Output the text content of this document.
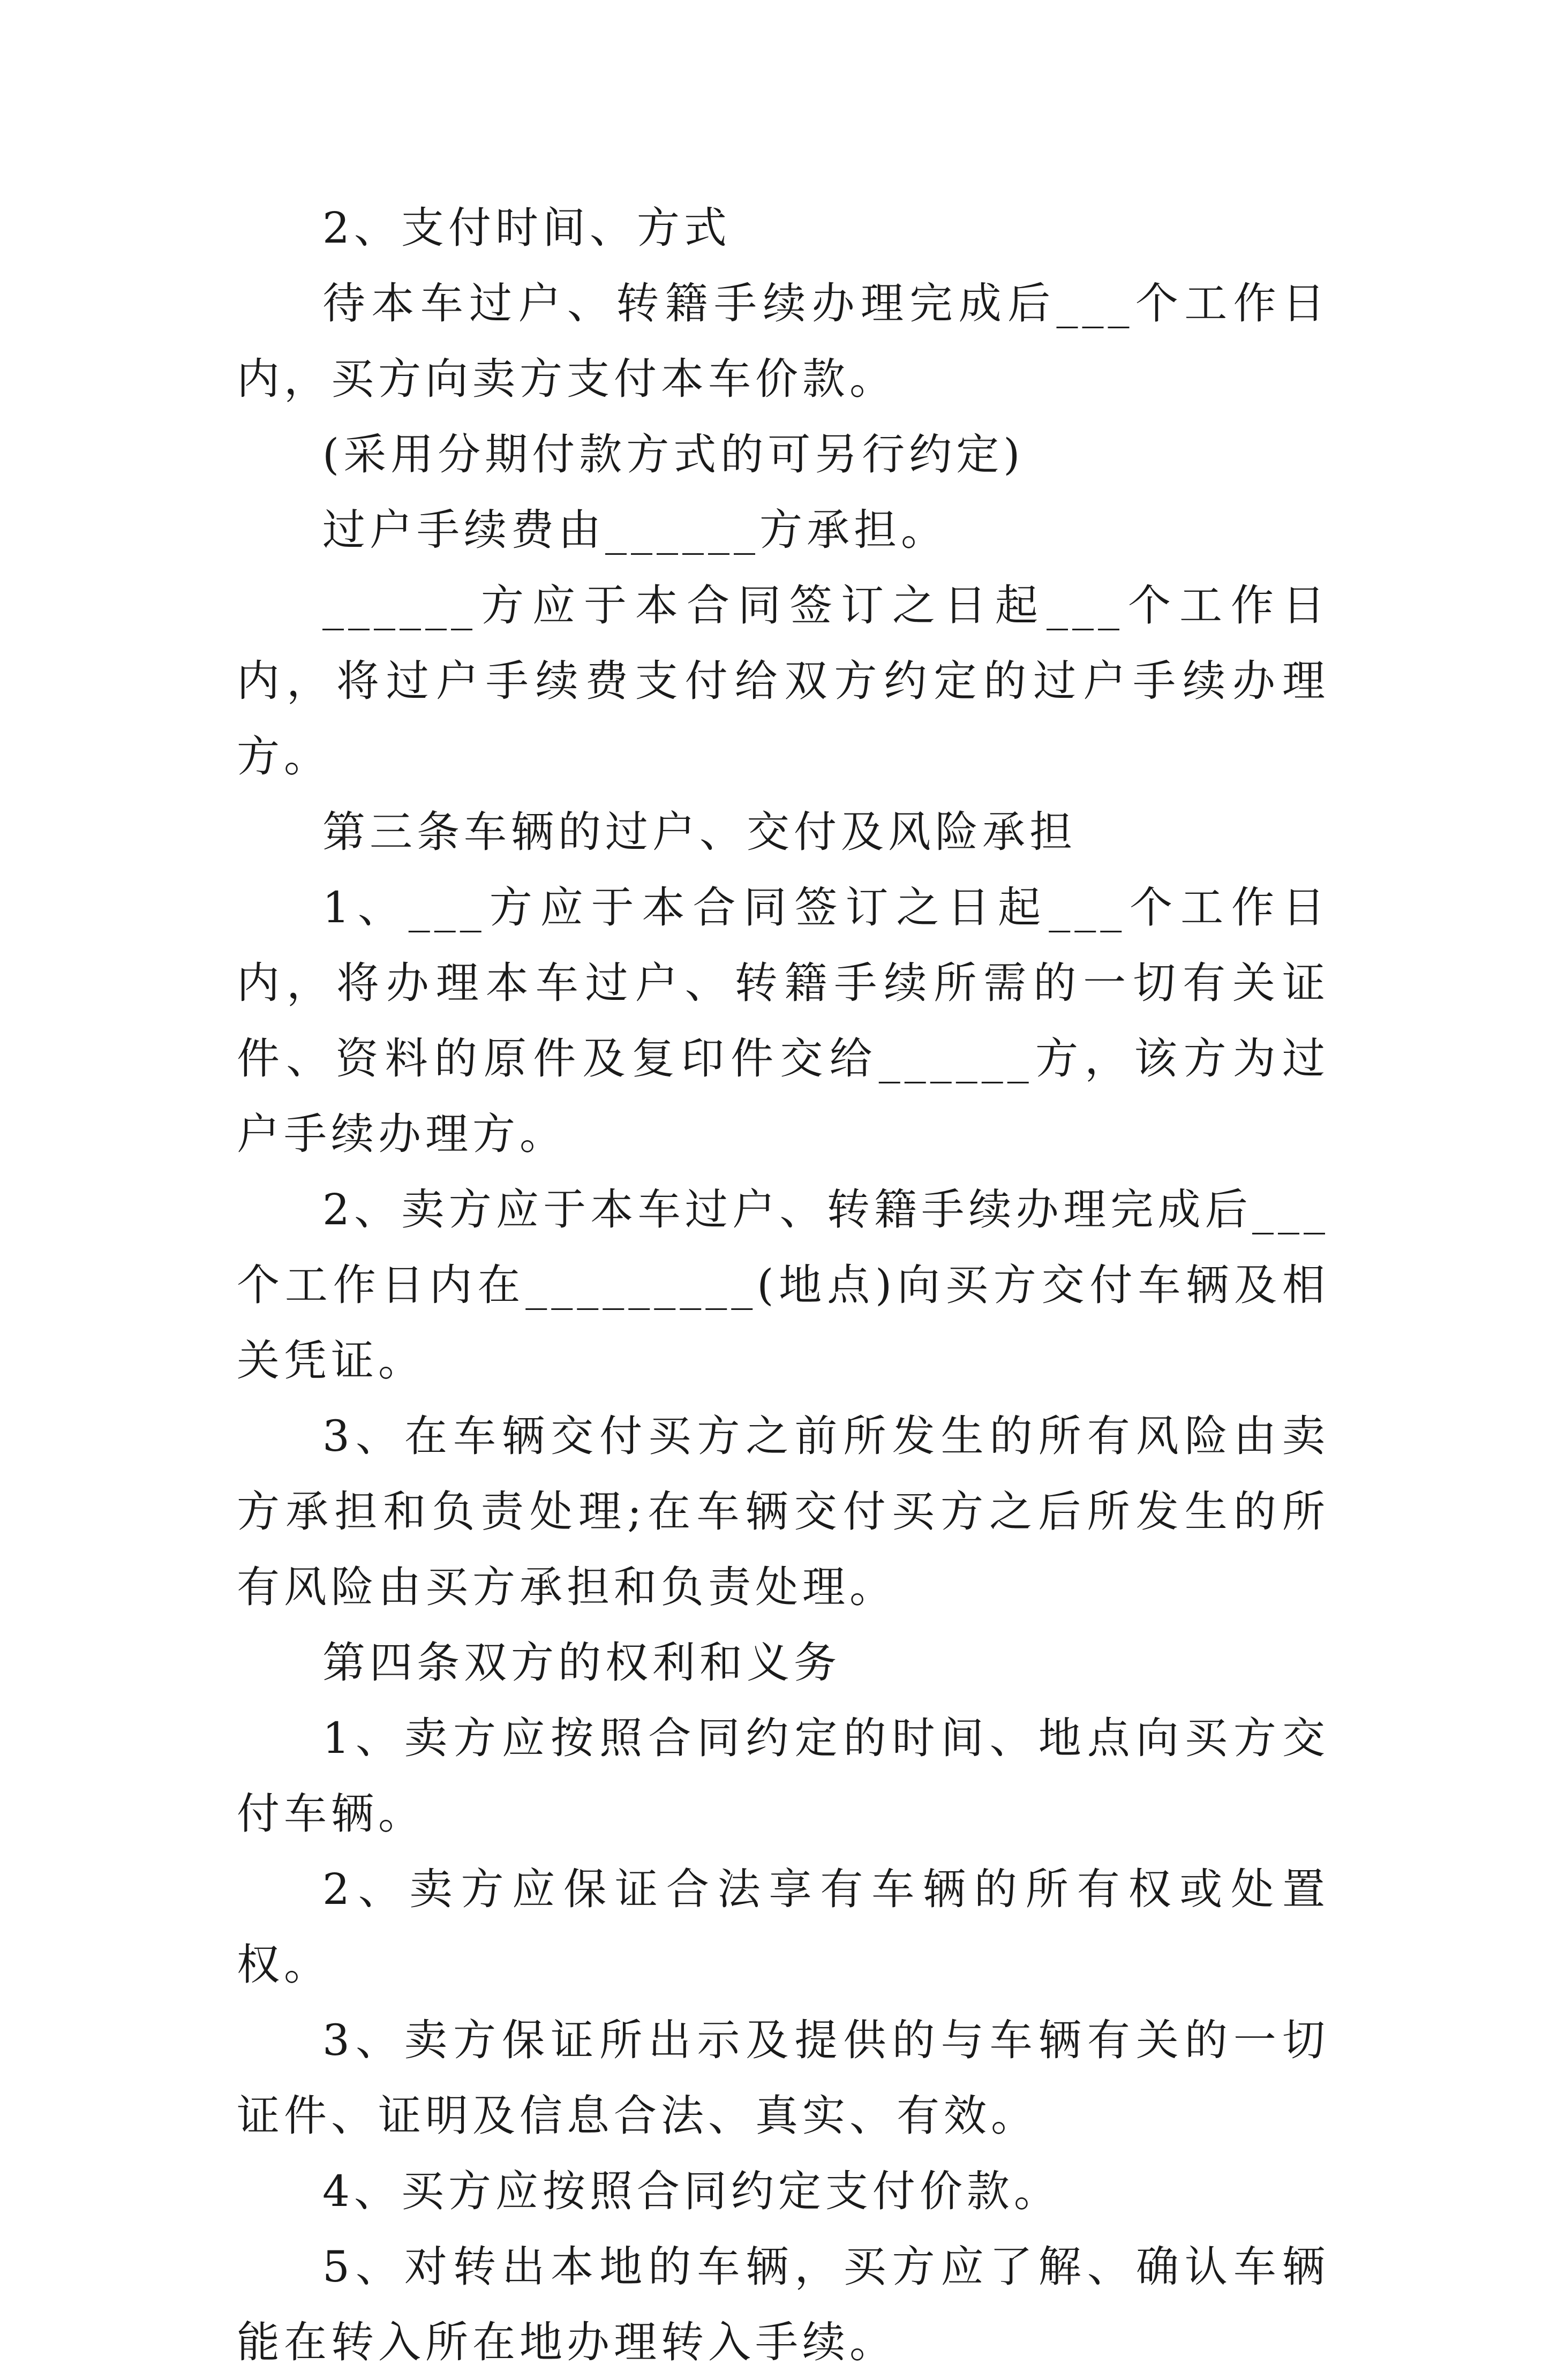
2、支付时间、方式

待本车过户、转籍手续办理完成后___个工作日内，买方向卖方支付本车价款。

(采用分期付款方式的可另行约定)

过户手续费由______方承担。

______方应于本合同签订之日起___个工作日内，将过户手续费支付给双方约定的过户手续办理方。

第三条车辆的过户、交付及风险承担

1、___方应于本合同签订之日起___个工作日内，将办理本车过户、转籍手续所需的一切有关证件、资料的原件及复印件交给______方，该方为过户手续办理方。

2、卖方应于本车过户、转籍手续办理完成后___个工作日内在_________(地点)向买方交付车辆及相关凭证。

3、在车辆交付买方之前所发生的所有风险由卖方承担和负责处理;在车辆交付买方之后所发生的所有风险由买方承担和负责处理。

第四条双方的权利和义务

1、卖方应按照合同约定的时间、地点向买方交付车辆。

2、卖方应保证合法享有车辆的所有权或处置权。

3、卖方保证所出示及提供的与车辆有关的一切证件、证明及信息合法、真实、有效。

4、买方应按照合同约定支付价款。

5、对转出本地的车辆，买方应了解、确认车辆能在转入所在地办理转入手续。
